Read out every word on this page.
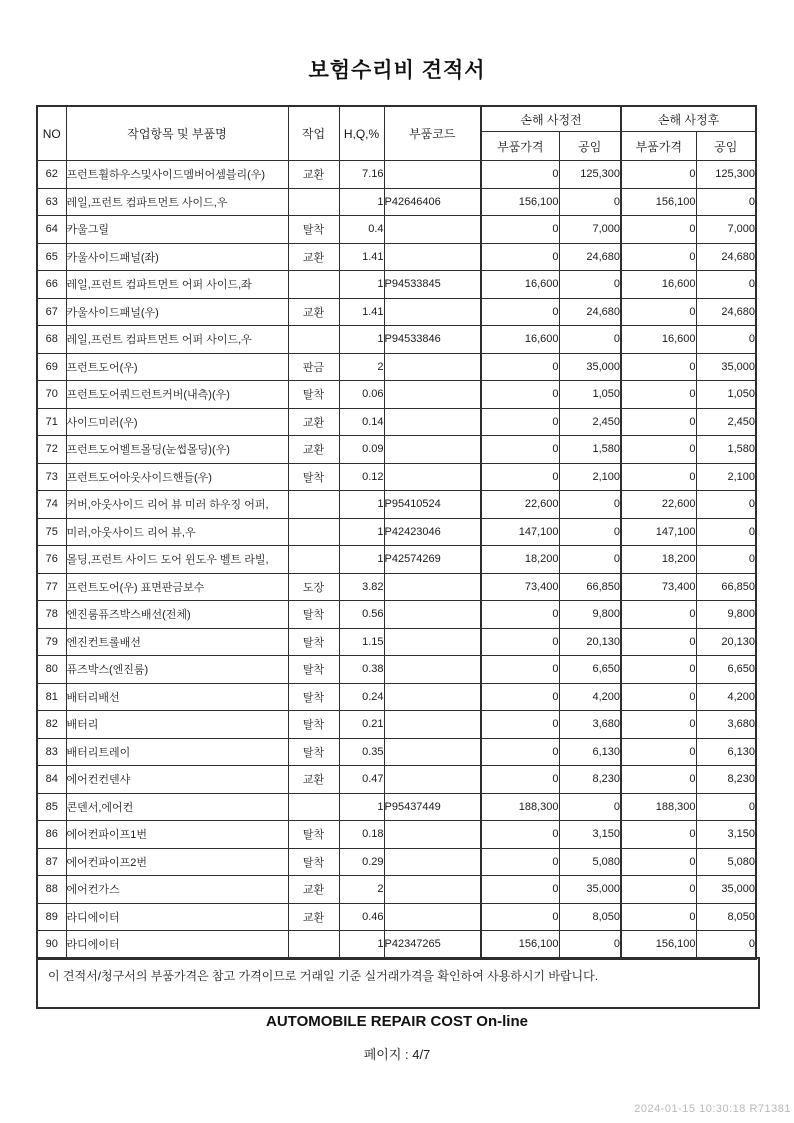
보험수리비 견적서
NO	작업항목 및 부품명	작업	H,Q,%	부품코드	손해 사정전		손해 사정후	
					부품가격	공임	부품가격	공임
62	프런트휠하우스및사이드멤버어셈블리(우)	교환	7.16		0	125,300	0	125,300
63	레일,프런트 컴파트먼트 사이드,우		1	P42646406	156,100	0	156,100	0
64	카울그릴	탈착	0.4		0	7,000	0	7,000
65	카울사이드패널(좌)	교환	1.41		0	24,680	0	24,680
66	레일,프런트 컴파트먼트 어퍼 사이드,좌		1	P94533845	16,600	0	16,600	0
67	카울사이드패널(우)	교환	1.41		0	24,680	0	24,680
68	레일,프런트 컴파트먼트 어퍼 사이드,우		1	P94533846	16,600	0	16,600	0
69	프런트도어(우)	판금	2		0	35,000	0	35,000
70	프런트도어쿼드런트커버(내측)(우)	탈착	0.06		0	1,050	0	1,050
71	사이드미러(우)	교환	0.14		0	2,450	0	2,450
72	프런트도어벨트몰딩(눈썹몰딩)(우)	교환	0.09		0	1,580	0	1,580
73	프런트도어아웃사이드핸들(우)	탈착	0.12		0	2,100	0	2,100
74	커버,아웃사이드 리어 뷰 미러 하우징 어퍼,		1	P95410524	22,600	0	22,600	0
75	미러,아웃사이드 리어 뷰,우		1	P42423046	147,100	0	147,100	0
76	몰딩,프런트 사이드 도어 윈도우 벨트 라빌,		1	P42574269	18,200	0	18,200	0
77	프런트도어(우) 표면판금보수	도장	3.82		73,400	66,850	73,400	66,850
78	엔진룸퓨즈박스배선(전체)	탈착	0.56		0	9,800	0	9,800
79	엔진컨트롤배선	탈착	1.15		0	20,130	0	20,130
80	퓨즈박스(엔진룸)	탈착	0.38		0	6,650	0	6,650
81	배터리배선	탈착	0.24		0	4,200	0	4,200
82	배터리	탈착	0.21		0	3,680	0	3,680
83	배터리트레이	탈착	0.35		0	6,130	0	6,130
84	에어컨컨덴샤	교환	0.47		0	8,230	0	8,230
85	콘덴서,에어컨		1	P95437449	188,300	0	188,300	0
86	에어컨파이프1번	탈착	0.18		0	3,150	0	3,150
87	에어컨파이프2번	탈착	0.29		0	5,080	0	5,080
88	에어컨가스	교환	2		0	35,000	0	35,000
89	라디에이터	교환	0.46		0	8,050	0	8,050
90	라디에이터		1	P42347265	156,100	0	156,100	0
이 견적서/청구서의 부품가격은 참고 가격이므로 거래일 기준 실거래가격을 확인하여 사용하시기 바랍니다.
AUTOMOBILE REPAIR COST On-line
페이지 : 4/7
2024-01-15 10:30:18 R71381
